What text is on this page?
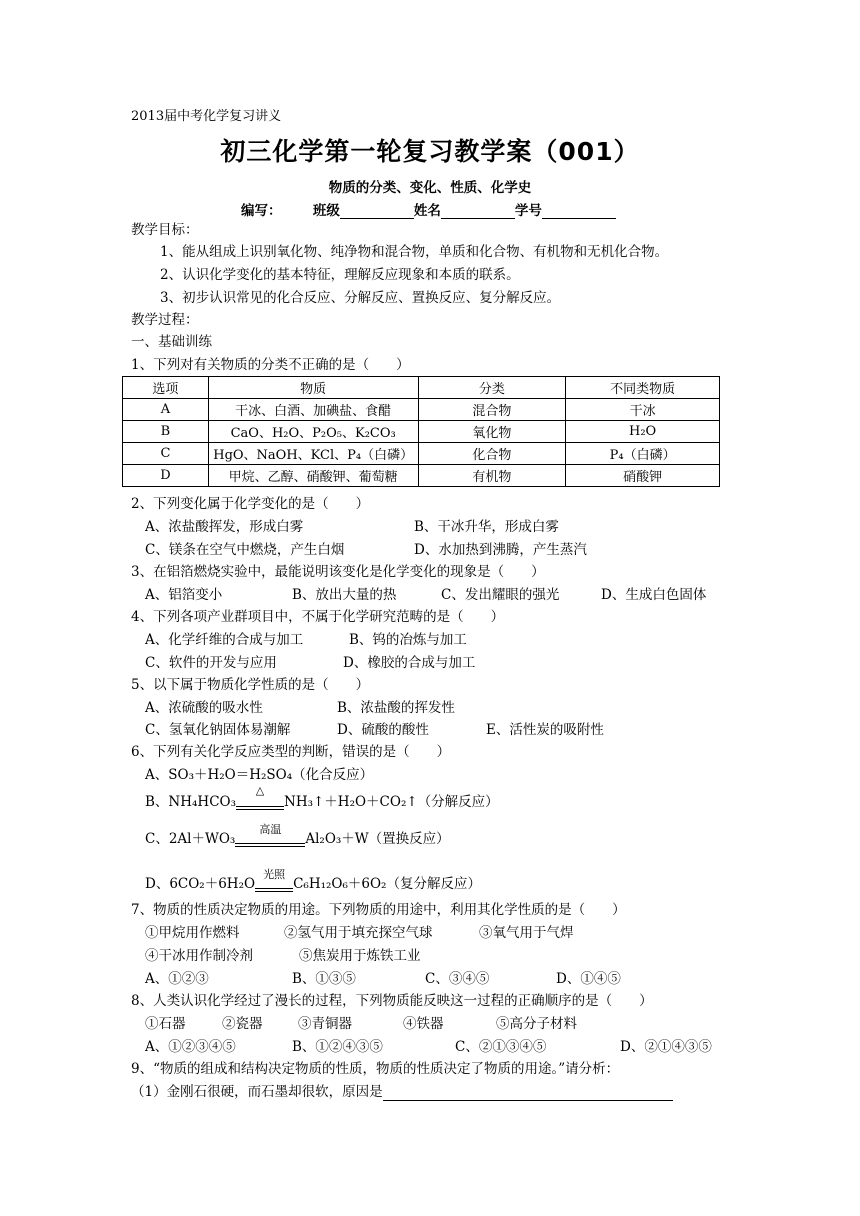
2013届中考化学复习讲义
初三化学第一轮复习教学案（001）
物质的分类、变化、性质、化学史
编写： 班级	姓名	学号
教学目标：
1、能从组成上识别氧化物、纯净物和混合物，单质和化合物、有机物和无机化合物。
2、认识化学变化的基本特征，理解反应现象和本质的联系。
3、初步认识常见的化合反应、分解反应、置换反应、复分解反应。
教学过程：
一、基础训练
1、下列对有关物质的分类不正确的是（　　）
选项	物质	分类	不同类物质
A	干冰、白酒、加碘盐、食醋	混合物	干冰
B	CaO、H₂O、P₂O₅、K₂CO₃	氧化物	H₂O
C	HgO、NaOH、KCl、P₄（白磷）	化合物	P₄（白磷）
D	甲烷、乙醇、硝酸钾、葡萄糖	有机物	硝酸钾
2、下列变化属于化学变化的是（　　）
A、浓盐酸挥发，形成白雾	B、干冰升华，形成白雾
C、镁条在空气中燃烧，产生白烟	D、水加热到沸腾，产生蒸汽
3、在铝箔燃烧实验中，最能说明该变化是化学变化的现象是（　　）
A、铝箔变小	B、放出大量的热	C、发出耀眼的强光	D、生成白色固体
4、下列各项产业群项目中，不属于化学研究范畴的是（　　）
A、化学纤维的合成与加工	B、钨的冶炼与加工
C、软件的开发与应用	D、橡胶的合成与加工
5、以下属于物质化学性质的是（　　）
A、浓硫酸的吸水性	B、浓盐酸的挥发性
C、氢氧化钠固体易潮解	D、硫酸的酸性	E、活性炭的吸附性
6、下列有关化学反应类型的判断，错误的是（　　）
A、SO₃＋H₂O＝H₂SO₄（化合反应）
B、NH₄HCO₃
△
NH₃↑＋H₂O＋CO₂↑（分解反应）
C、2Al＋WO₃
高温
Al₂O₃＋W（置换反应）
D、6CO₂＋6H₂O
光照
C₆H₁₂O₆＋6O₂（复分解反应）
7、物质的性质决定物质的用途。下列物质的用途中，利用其化学性质的是（　　）
①甲烷用作燃料	②氢气用于填充探空气球	③氧气用于气焊
④干冰用作制冷剂	⑤焦炭用于炼铁工业
A、①②③	B、①③⑤	C、③④⑤	D、①④⑤
8、人类认识化学经过了漫长的过程，下列物质能反映这一过程的正确顺序的是（　　）
①石器	②瓷器	③青铜器	④铁器	⑤高分子材料
A、①②③④⑤	B、①②④③⑤	C、②①③④⑤	D、②①④③⑤
9、“物质的组成和结构决定物质的性质，物质的性质决定了物质的用途。”请分析：
（1）金刚石很硬，而石墨却很软，原因是
